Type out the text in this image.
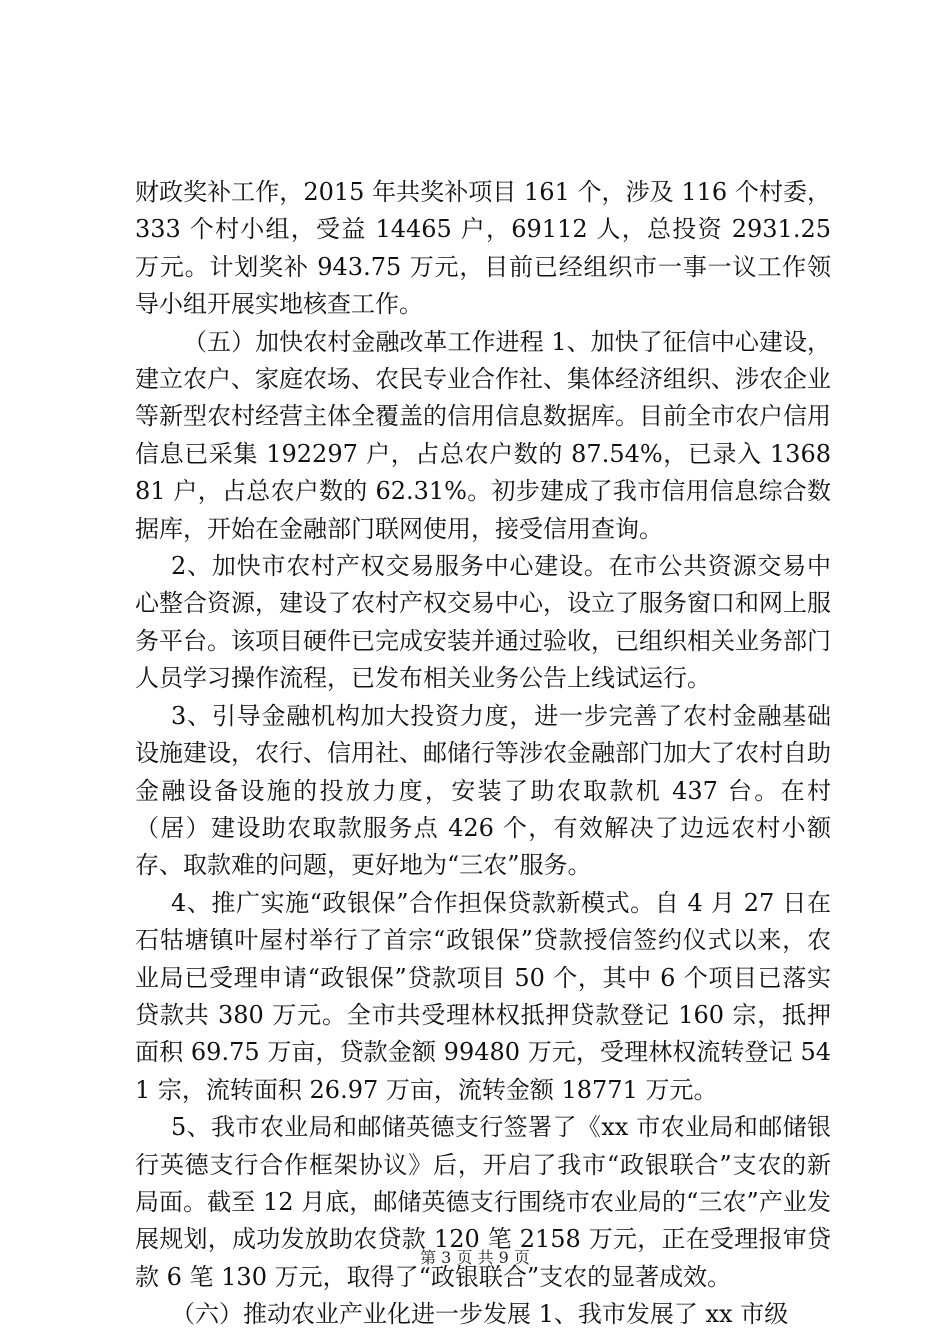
财政奖补工作，2015 年共奖补项目 161 个，涉及 116 个村委，333 个村小组，受益 14465 户，69112 人，总投资 2931.25 万元。计划奖补 943.75 万元，目前已经组织市一事一议工作领导小组开展实地核查工作。

（五）加快农村金融改革工作进程 1、加快了征信中心建设，建立农户、家庭农场、农民专业合作社、集体经济组织、涉农企业等新型农村经营主体全覆盖的信用信息数据库。目前全市农户信用信息已采集 192297 户，占总农户数的 87.54%，已录入 136881 户，占总农户数的 62.31%。初步建成了我市信用信息综合数据库，开始在金融部门联网使用，接受信用查询。

2、加快市农村产权交易服务中心建设。在市公共资源交易中心整合资源，建设了农村产权交易中心，设立了服务窗口和网上服务平台。该项目硬件已完成安装并通过验收，已组织相关业务部门人员学习操作流程，已发布相关业务公告上线试运行。

3、引导金融机构加大投资力度，进一步完善了农村金融基础设施建设，农行、信用社、邮储行等涉农金融部门加大了农村自助金融设备设施的投放力度，安装了助农取款机 437 台。在村（居）建设助农取款服务点 426 个，有效解决了边远农村小额存、取款难的问题，更好地为“三农”服务。

4、推广实施“政银保”合作担保贷款新模式。自 4 月 27 日在石牯塘镇叶屋村举行了首宗“政银保”贷款授信签约仪式以来，农业局已受理申请“政银保”贷款项目 50 个，其中 6 个项目已落实贷款共 380 万元。全市共受理林权抵押贷款登记 160 宗，抵押面积 69.75 万亩，贷款金额 99480 万元，受理林权流转登记 541 宗，流转面积 26.97 万亩，流转金额 18771 万元。

5、我市农业局和邮储英德支行签署了《xx 市农业局和邮储银行英德支行合作框架协议》后，开启了我市“政银联合”支农的新局面。截至 12 月底，邮储英德支行围绕市农业局的“三农”产业发展规划，成功发放助农贷款 120 笔 2158 万元，正在受理报审贷款 6 笔 130 万元，取得了“政银联合”支农的显著成效。

（六）推动农业产业化进一步发展 1、我市发展了 xx 市级

第 3 页 共 9 页
